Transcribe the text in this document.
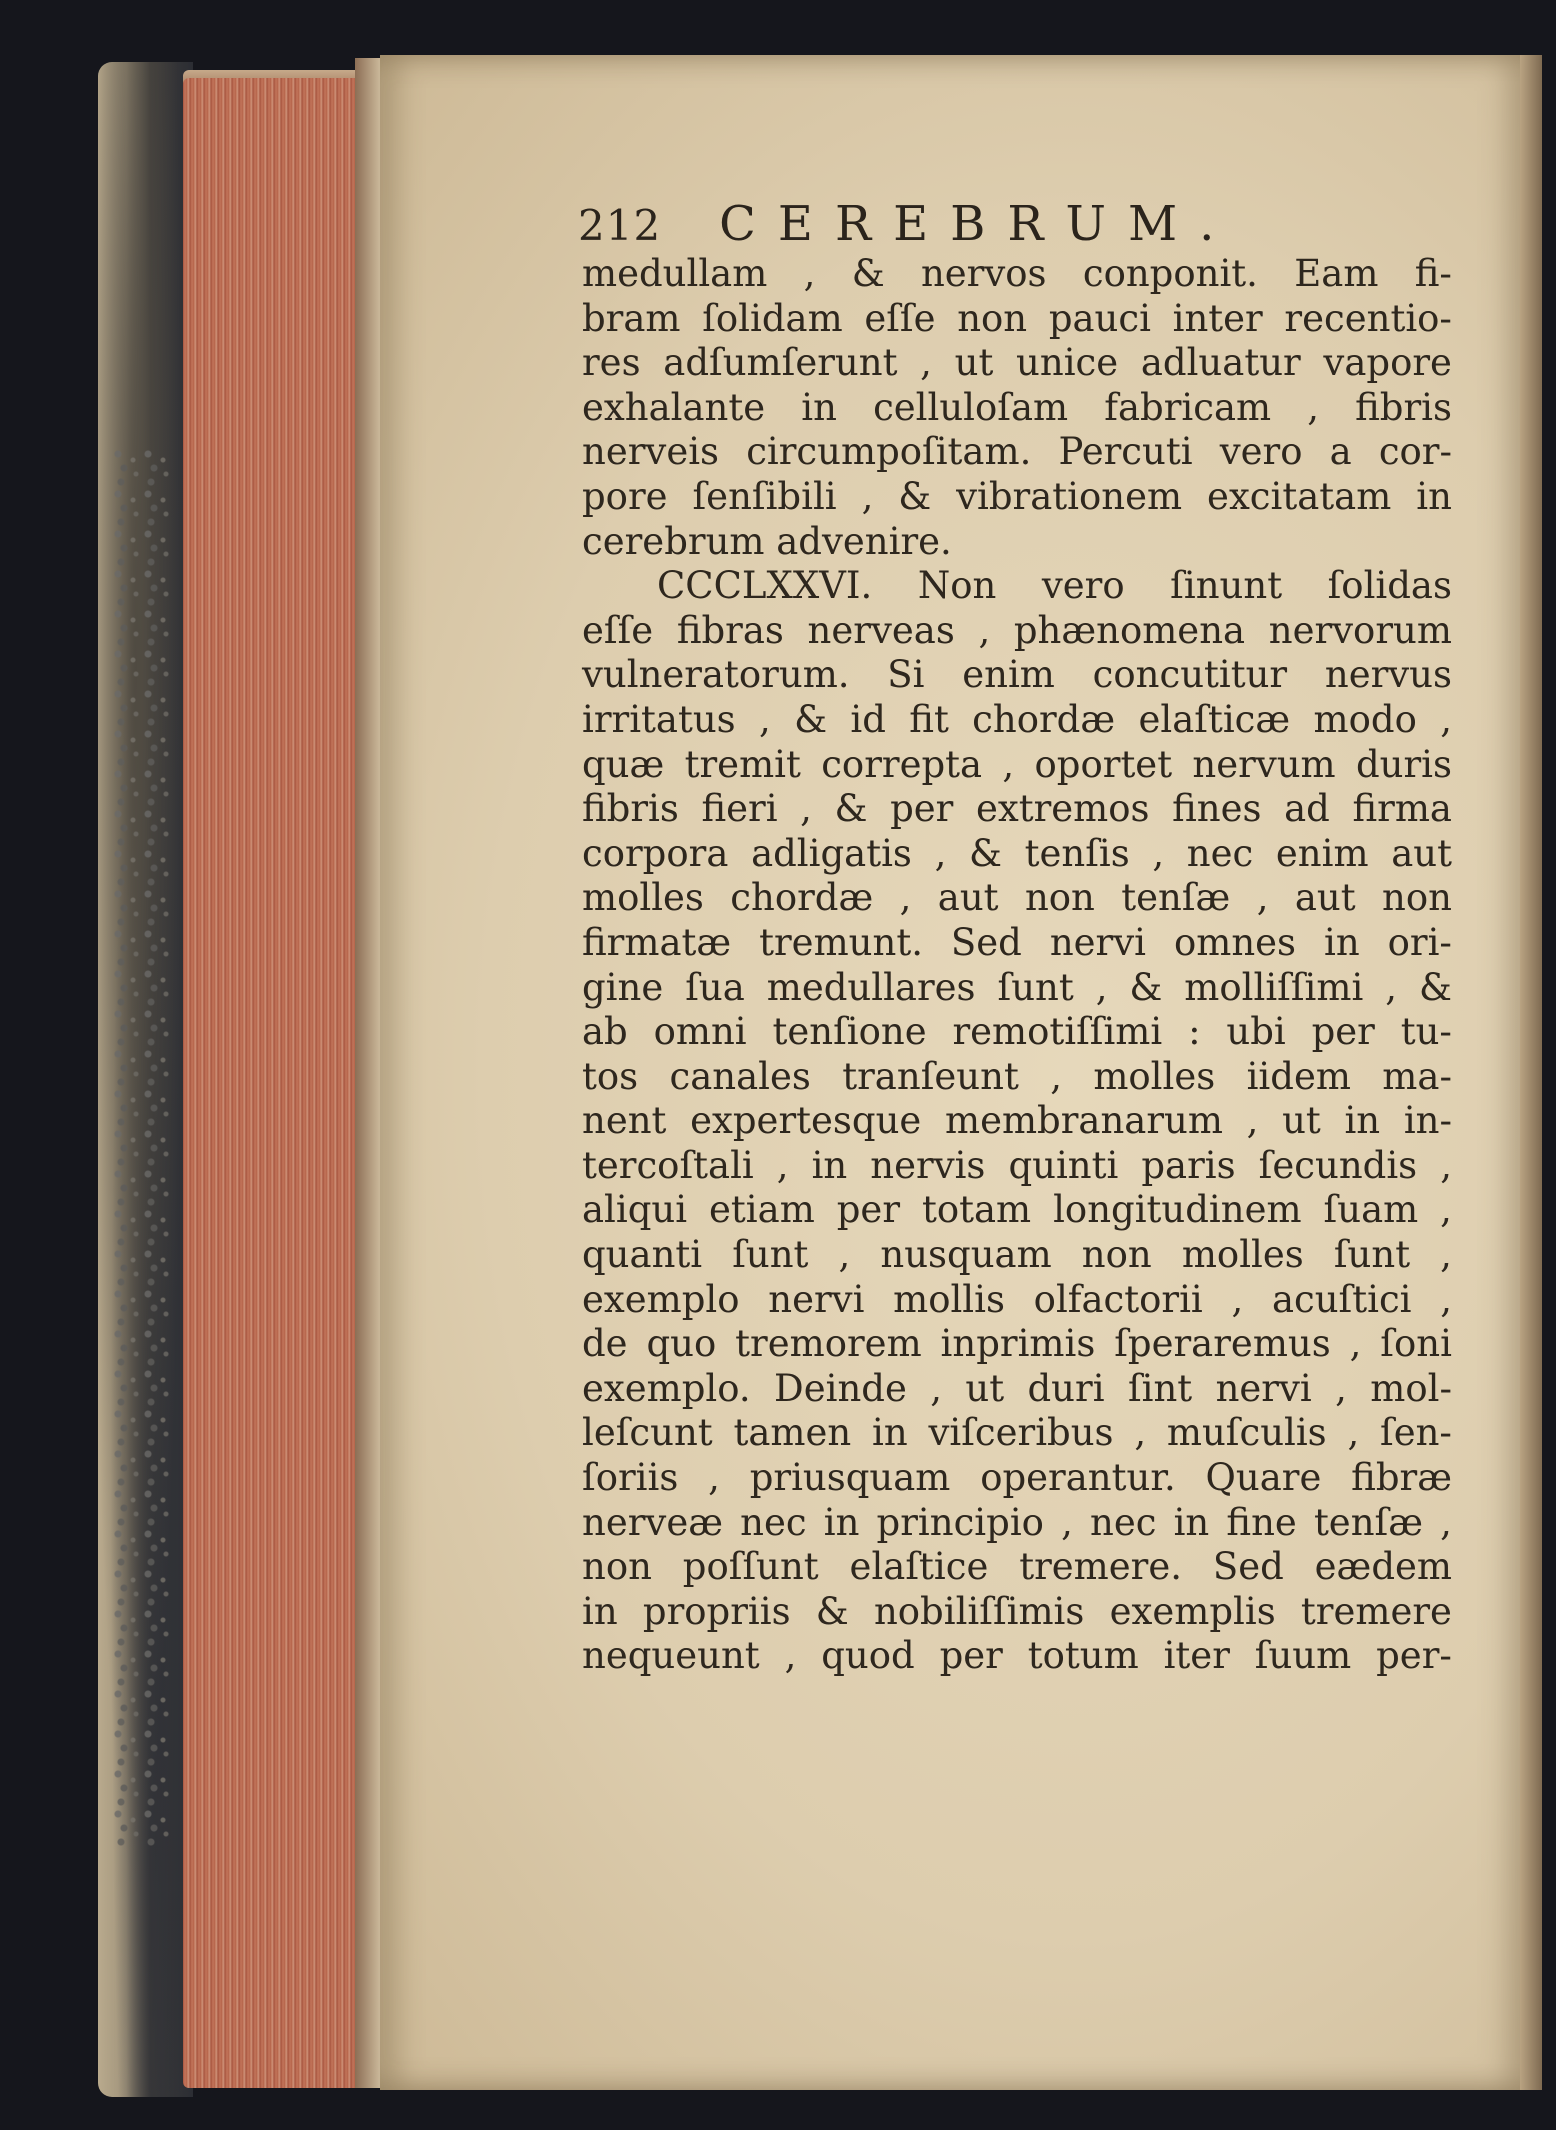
212 CEREBRUM.
medullam , & nervos conponit. Eam fi-
bram ſolidam eſſe non pauci inter recentio-
res adſumſerunt , ut unice adluatur vapore
exhalante in celluloſam fabricam , fibris
nerveis circumpoſitam. Percuti vero a cor-
pore ſenſibili , & vibrationem excitatam in
cerebrum advenire.
CCCLXXVI. Non vero ſinunt ſolidas
eſſe fibras nerveas , phænomena nervorum
vulneratorum. Si enim concutitur nervus
irritatus , & id fit chordæ elaſticæ modo ,
quæ tremit correpta , oportet nervum duris
fibris fieri , & per extremos fines ad firma
corpora adligatis , & tenſis , nec enim aut
molles chordæ , aut non tenſæ , aut non
firmatæ tremunt. Sed nervi omnes in ori-
gine ſua medullares ſunt , & molliſſimi , &
ab omni tenſione remotiſſimi : ubi per tu-
tos canales tranſeunt , molles iidem ma-
nent expertesque membranarum , ut in in-
tercoſtali , in nervis quinti paris ſecundis ,
aliqui etiam per totam longitudinem ſuam ,
quanti ſunt , nusquam non molles ſunt ,
exemplo nervi mollis olfactorii , acuſtici ,
de quo tremorem inprimis ſperaremus , ſoni
exemplo. Deinde , ut duri ſint nervi , mol-
leſcunt tamen in viſceribus , muſculis , ſen-
ſoriis , priusquam operantur. Quare fibræ
nerveæ nec in principio , nec in fine tenſæ ,
non poſſunt elaſtice tremere. Sed eædem
in propriis & nobiliſſimis exemplis tremere
nequeunt , quod per totum iter ſuum per-
